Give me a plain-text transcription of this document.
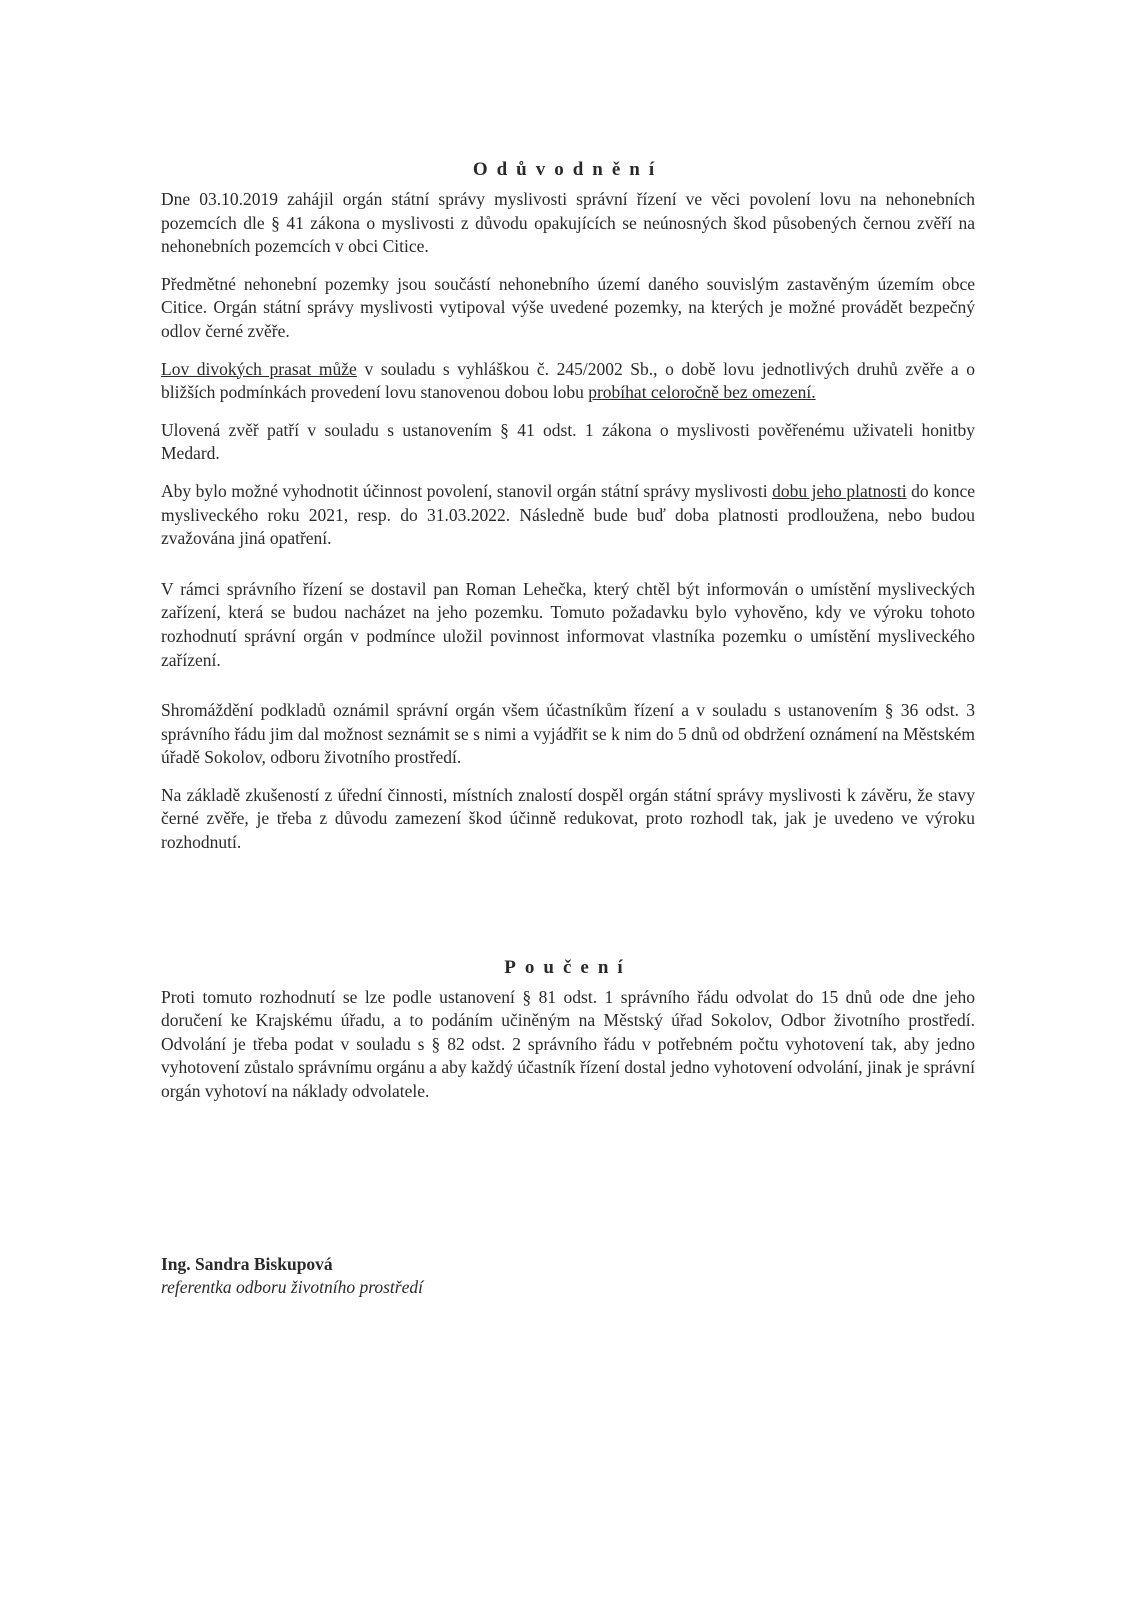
Odůvodnění

Dne 03.10.2019 zahájil orgán státní správy myslivosti správní řízení ve věci povolení lovu na nehonebních pozemcích dle § 41 zákona o myslivosti z důvodu opakujících se neúnosných škod působených černou zvěří na nehonebních pozemcích v obci Citice.

Předmětné nehonební pozemky jsou součástí nehonebního území daného souvislým zastavěným územím obce Citice. Orgán státní správy myslivosti vytipoval výše uvedené pozemky, na kterých je možné provádět bezpečný odlov černé zvěře.

Lov divokých prasat může v souladu s vyhláškou č. 245/2002 Sb., o době lovu jednotlivých druhů zvěře a o bližších podmínkách provedení lovu stanovenou dobou lobu probíhat celoročně bez omezení.

Ulovená zvěř patří v souladu s ustanovením § 41 odst. 1 zákona o myslivosti pověřenému uživateli honitby Medard.

Aby bylo možné vyhodnotit účinnost povolení, stanovil orgán státní správy myslivosti dobu jeho platnosti do konce mysliveckého roku 2021, resp. do 31.03.2022. Následně bude buď doba platnosti prodloužena, nebo budou zvažována jiná opatření.

V rámci správního řízení se dostavil pan Roman Lehečka, který chtěl být informován o umístění mysliveckých zařízení, která se budou nacházet na jeho pozemku. Tomuto požadavku bylo vyhověno, kdy ve výroku tohoto rozhodnutí správní orgán v podmínce uložil povinnost informovat vlastníka pozemku o umístění mysliveckého zařízení.

Shromáždění podkladů oznámil správní orgán všem účastníkům řízení a v souladu s ustanovením § 36 odst. 3 správního řádu jim dal možnost seznámit se s nimi a vyjádřit se k nim do 5 dnů od obdržení oznámení na Městském úřadě Sokolov, odboru životního prostředí.

Na základě zkušeností z úřední činnosti, místních znalostí dospěl orgán státní správy myslivosti k závěru, že stavy černé zvěře, je třeba z důvodu zamezení škod účinně redukovat, proto rozhodl tak, jak je uvedeno ve výroku rozhodnutí.

Poučení

Proti tomuto rozhodnutí se lze podle ustanovení § 81 odst. 1 správního řádu odvolat do 15 dnů ode dne jeho doručení ke Krajskému úřadu, a to podáním učiněným na Městský úřad Sokolov, Odbor životního prostředí. Odvolání je třeba podat v souladu s § 82 odst. 2 správního řádu v potřebném počtu vyhotovení tak, aby jedno vyhotovení zůstalo správnímu orgánu a aby každý účastník řízení dostal jedno vyhotovení odvolání, jinak je správní orgán vyhotoví na náklady odvolatele.

Ing. Sandra Biskupová

referentka odboru životního prostředí
